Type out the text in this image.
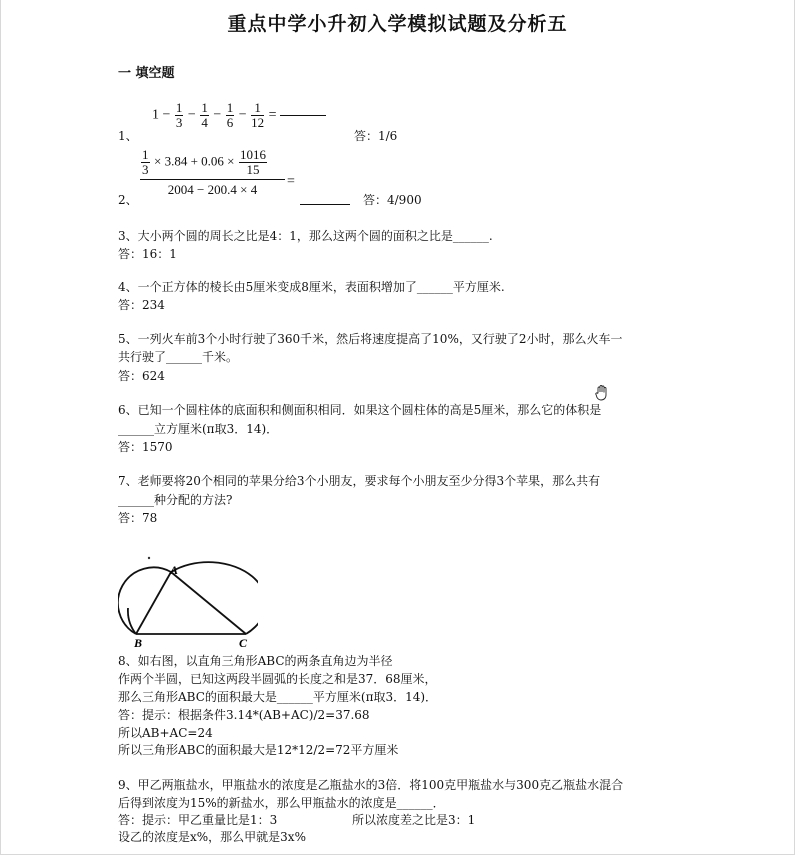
重点中学小升初入学模拟试题及分析五
一 填空题
$1 - \frac{1}{3} - \frac{1}{4} - \frac{1}{6} - \frac{1}{12}$ =
1、	答：1/6
$\frac{\frac{1}{3} \times 3.84 + 0.06 \times \frac{1016}{15}}{2004 - 200.4 \times 4}$ =
2、	答：4/900
3、大小两个圆的周长之比是4：1，那么这两个圆的面积之比是______.
答：16：1
4、一个正方体的棱长由5厘米变成8厘米，表面积增加了______平方厘米.
答：234
5、一列火车前3个小时行驶了360千米，然后将速度提高了10%，又行驶了2小时，那么火车一
共行驶了______千米。
答：624
6、已知一个圆柱体的底面积和侧面积相同．如果这个圆柱体的高是5厘米，那么它的体积是
______立方厘米(π取3．14)．
答：1570
7、老师要将20个相同的苹果分给3个小朋友，要求每个小朋友至少分得3个苹果，那么共有
______种分配的方法?
答：78
A
B	C
8、如右图，以直角三角形ABC的两条直角边为半径
作两个半圆，已知这两段半圆弧的长度之和是37．68厘米，
那么三角形ABC的面积最大是______平方厘米(π取3．14)．
答：提示：根据条件3.14*(AB+AC)/2=37.68
所以AB+AC=24
所以三角形ABC的面积最大是12*12/2=72平方厘米
9、甲乙两瓶盐水，甲瓶盐水的浓度是乙瓶盐水的3倍．将100克甲瓶盐水与300克乙瓶盐水混合
后得到浓度为15%的新盐水，那么甲瓶盐水的浓度是______．
答：提示：甲乙重量比是1：3	所以浓度差之比是3：1
设乙的浓度是x%，那么甲就是3x%
